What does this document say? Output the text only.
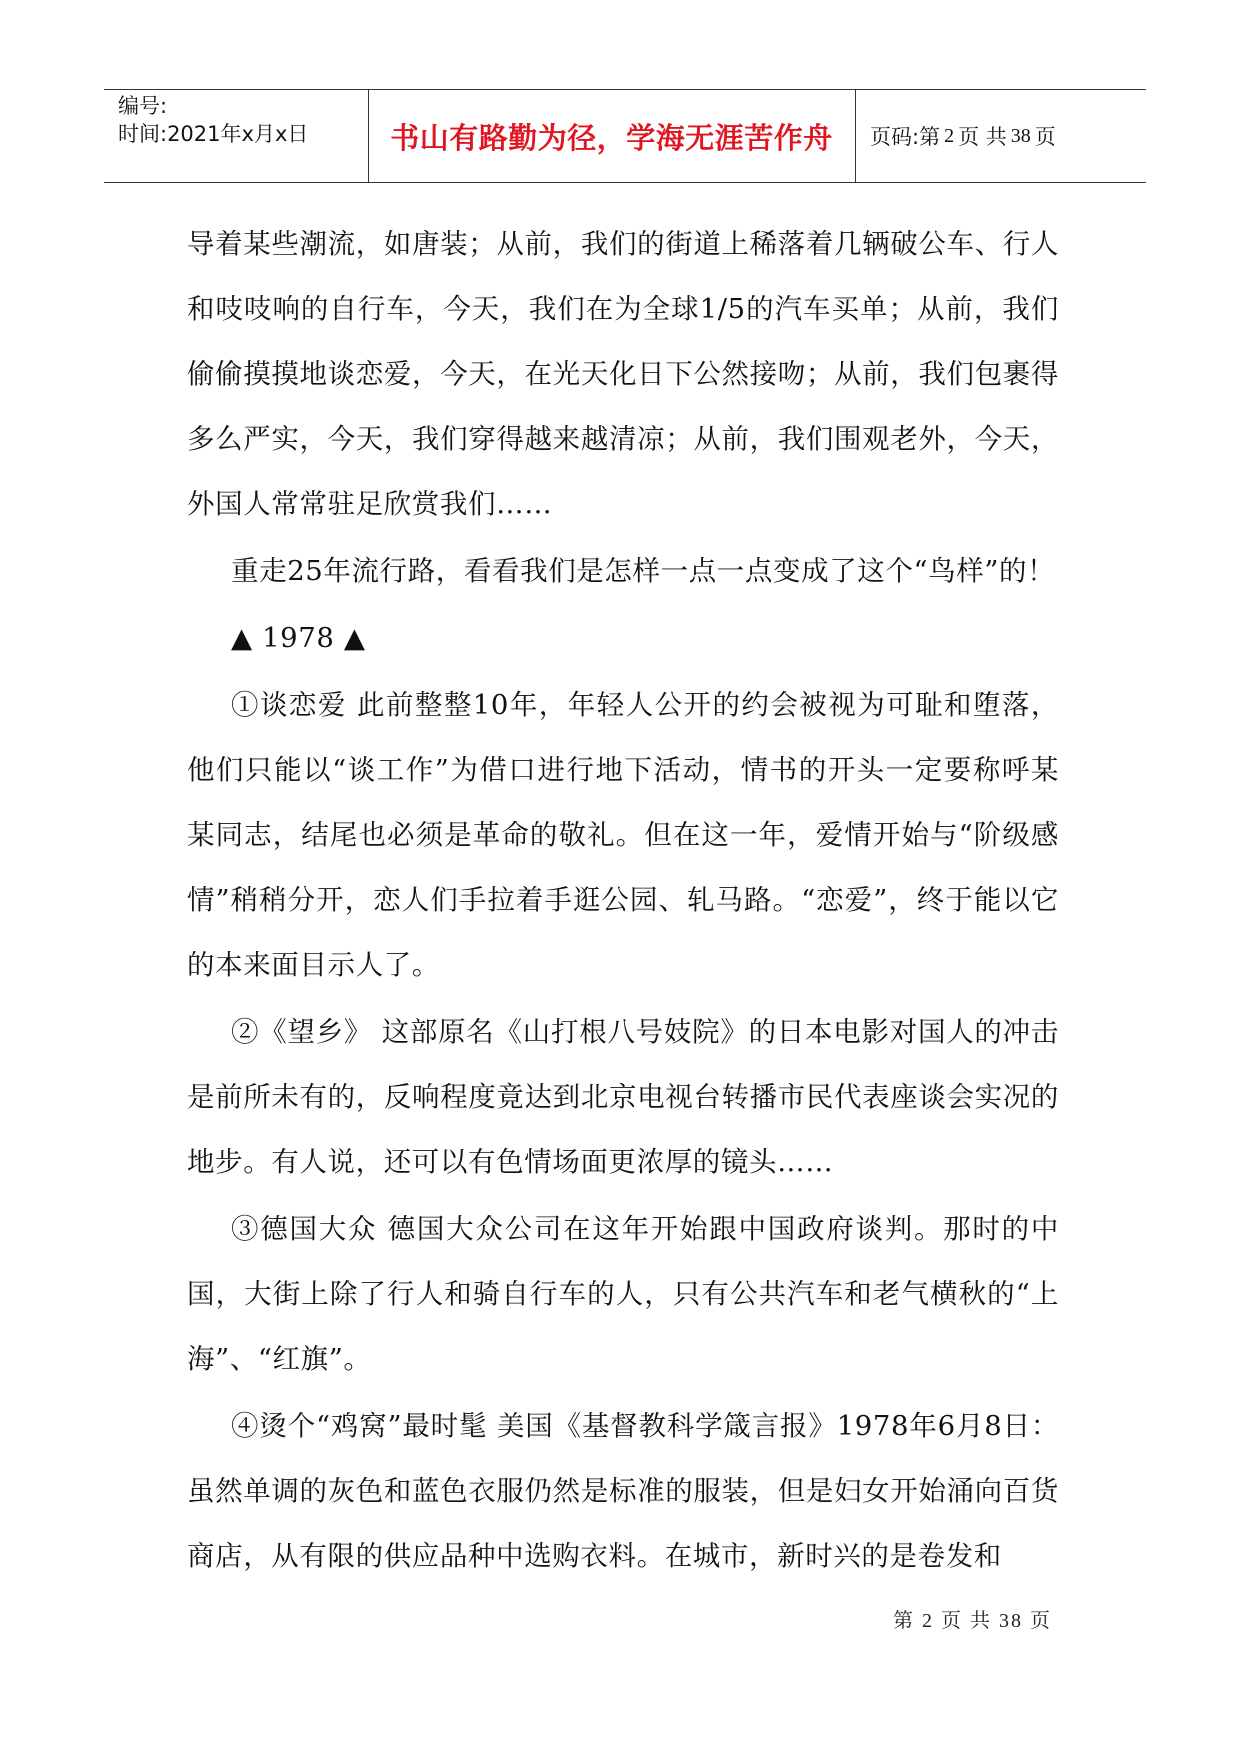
编号:
时间:2021年x月x日	书山有路勤为径，学海无涯苦作舟	页码:第 2 页 共 38 页

导着某些潮流，如唐装；从前，我们的街道上稀落着几辆破公车、行人和吱吱响的自行车，今天，我们在为全球1/5的汽车买单；从前，我们偷偷摸摸地谈恋爱，今天，在光天化日下公然接吻；从前，我们包裹得多么严实，今天，我们穿得越来越清凉；从前，我们围观老外，今天，外国人常常驻足欣赏我们……

重走25年流行路，看看我们是怎样一点一点变成了这个“鸟样”的！

▲ 1978 ▲

①谈恋爱 此前整整10年，年轻人公开的约会被视为可耻和堕落，他们只能以“谈工作”为借口进行地下活动，情书的开头一定要称呼某某同志，结尾也必须是革命的敬礼。但在这一年，爱情开始与“阶级感情”稍稍分开，恋人们手拉着手逛公园、轧马路。“恋爱”，终于能以它的本来面目示人了。

②《望乡》 这部原名《山打根八号妓院》的日本电影对国人的冲击是前所未有的，反响程度竟达到北京电视台转播市民代表座谈会实况的地步。有人说，还可以有色情场面更浓厚的镜头……

③德国大众 德国大众公司在这年开始跟中国政府谈判。那时的中国，大街上除了行人和骑自行车的人，只有公共汽车和老气横秋的“上海”、“红旗”。

④烫个“鸡窝”最时髦 美国《基督教科学箴言报》1978年6月8日：虽然单调的灰色和蓝色衣服仍然是标准的服装，但是妇女开始涌向百货商店，从有限的供应品种中选购衣料。在城市，新时兴的是卷发和

第 2 页 共 38 页
